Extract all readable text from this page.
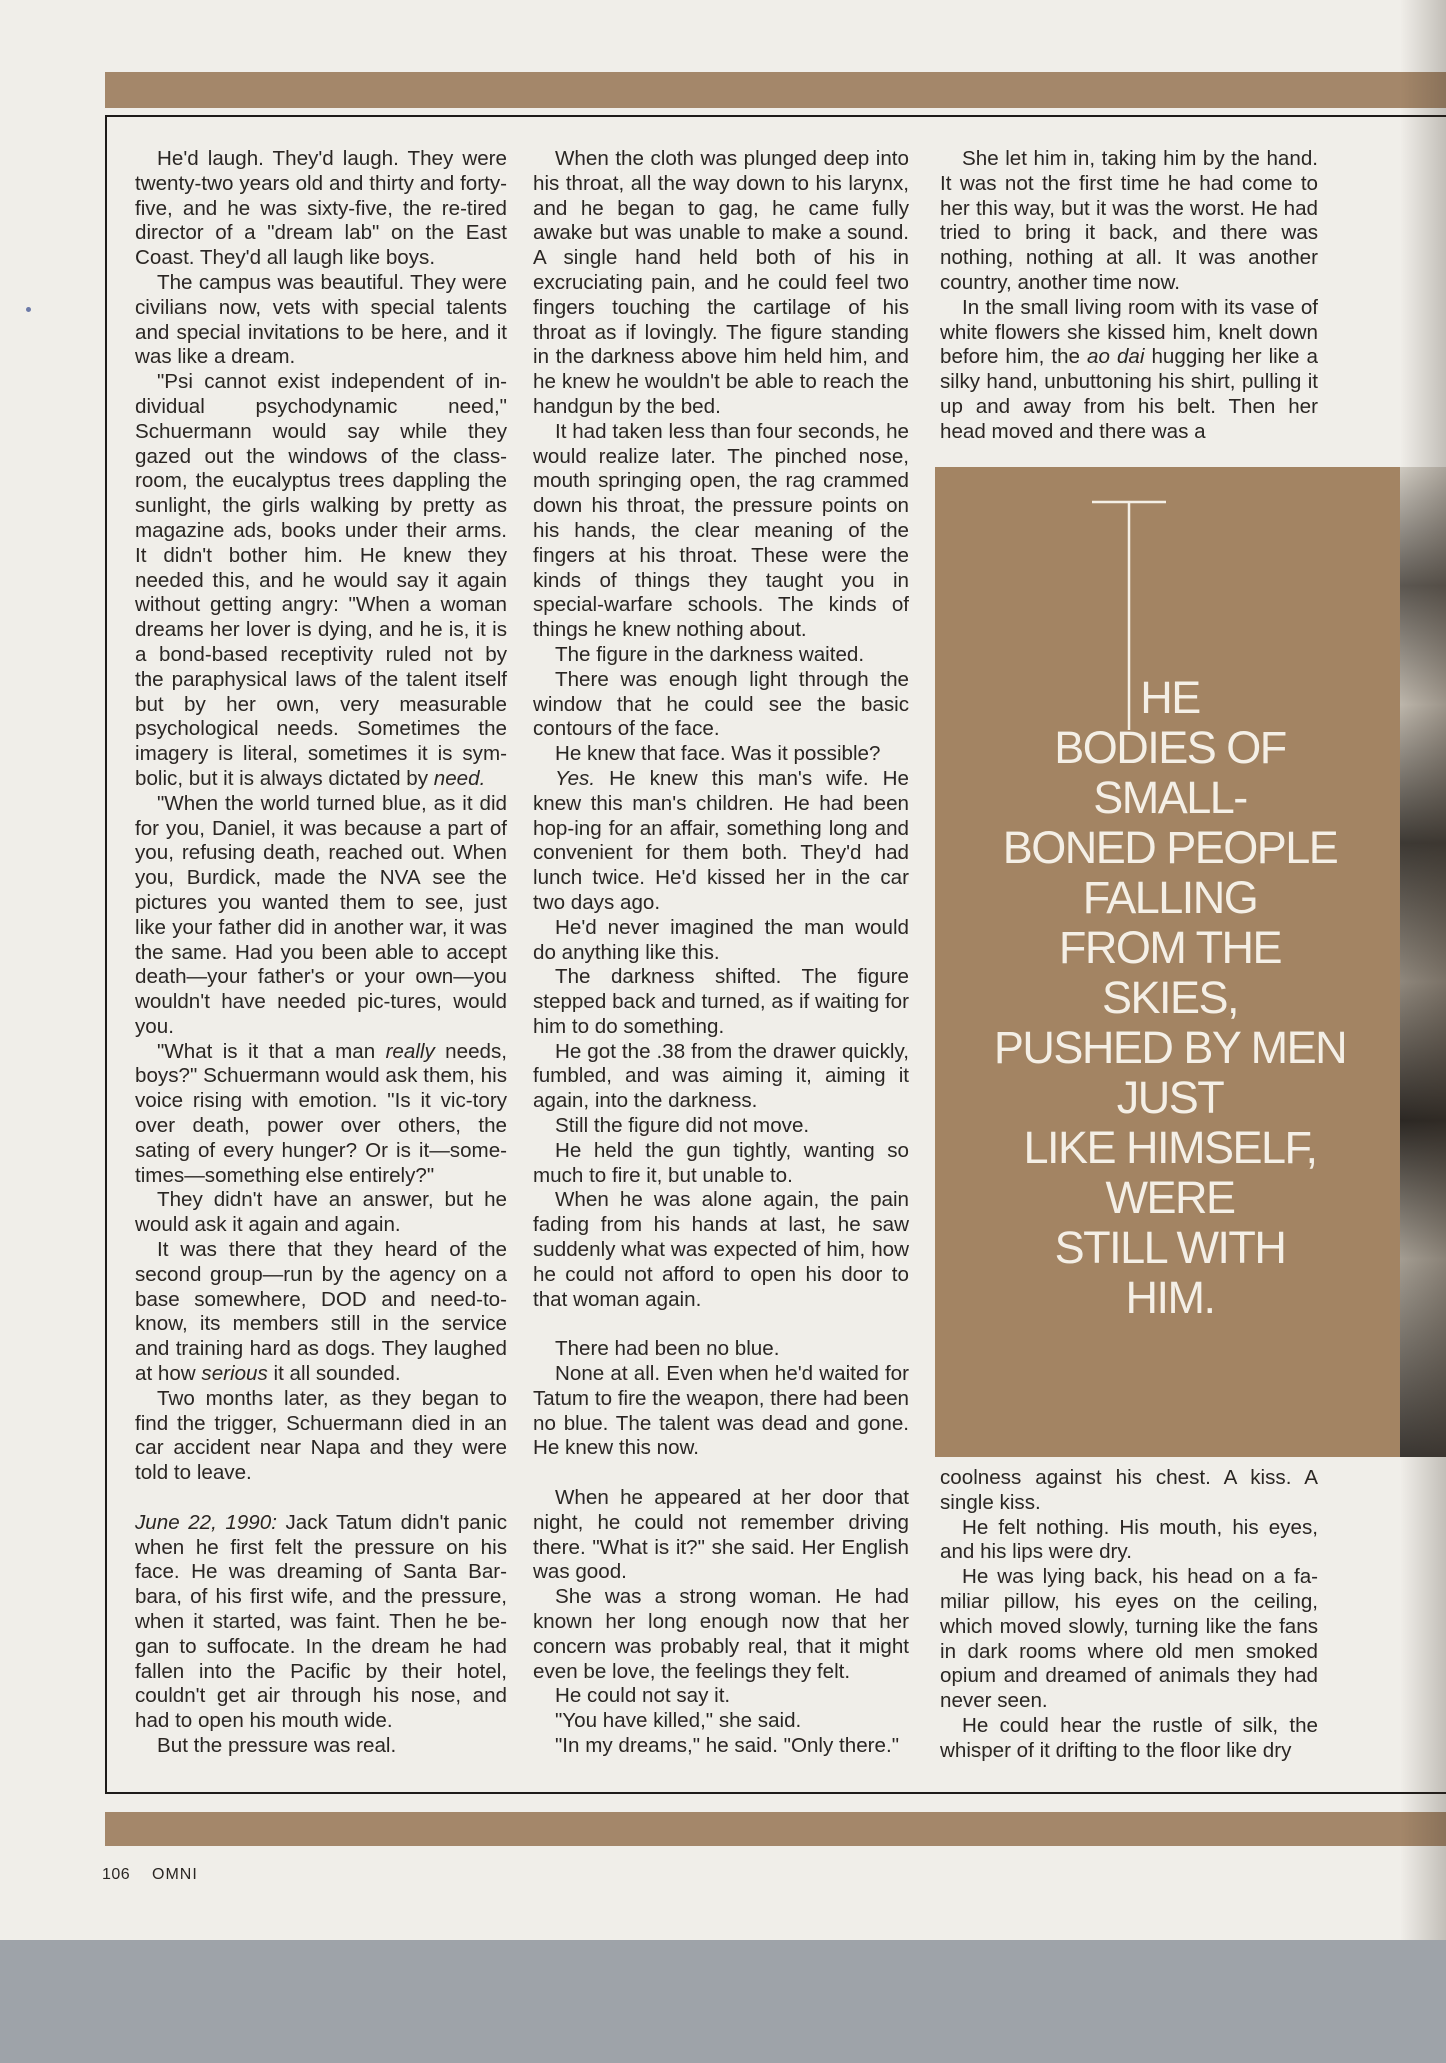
He'd laugh. They'd laugh. They were twenty-two years old and thirty and forty-five, and he was sixty-five, the re-tired director of a "dream lab" on the East Coast. They'd all laugh like boys.

The campus was beautiful. They were civilians now, vets with special talents and special invitations to be here, and it was like a dream.

"Psi cannot exist independent of in-dividual psychodynamic need," Schuermann would say while they gazed out the windows of the class-room, the eucalyptus trees dappling the sunlight, the girls walking by pretty as magazine ads, books under their arms. It didn't bother him. He knew they needed this, and he would say it again without getting angry: "When a woman dreams her lover is dying, and he is, it is a bond-based receptivity ruled not by the paraphysical laws of the talent itself but by her own, very measurable psychological needs. Sometimes the imagery is literal, sometimes it is sym-bolic, but it is always dictated by need.

"When the world turned blue, as it did for you, Daniel, it was because a part of you, refusing death, reached out. When you, Burdick, made the NVA see the pictures you wanted them to see, just like your father did in another war, it was the same. Had you been able to accept death—your father's or your own—you wouldn't have needed pic-tures, would you.

"What is it that a man really needs, boys?" Schuermann would ask them, his voice rising with emotion. "Is it vic-tory over death, power over others, the sating of every hunger? Or is it—some-times—something else entirely?"

They didn't have an answer, but he would ask it again and again.

It was there that they heard of the second group—run by the agency on a base somewhere, DOD and need-to-know, its members still in the service and training hard as dogs. They laughed at how serious it all sounded.

Two months later, as they began to find the trigger, Schuermann died in an car accident near Napa and they were told to leave.

June 22, 1990: Jack Tatum didn't panic when he first felt the pressure on his face. He was dreaming of Santa Bar-bara, of his first wife, and the pressure, when it started, was faint. Then he be-gan to suffocate. In the dream he had fallen into the Pacific by their hotel, couldn't get air through his nose, and had to open his mouth wide.

But the pressure was real.

When the cloth was plunged deep into his throat, all the way down to his larynx, and he began to gag, he came fully awake but was unable to make a sound. A single hand held both of his in excruciating pain, and he could feel two fingers touching the cartilage of his throat as if lovingly. The figure standing in the darkness above him held him, and he knew he wouldn't be able to reach the handgun by the bed.

It had taken less than four seconds, he would realize later. The pinched nose, mouth springing open, the rag crammed down his throat, the pressure points on his hands, the clear meaning of the fingers at his throat. These were the kinds of things they taught you in special-warfare schools. The kinds of things he knew nothing about.

The figure in the darkness waited.

There was enough light through the window that he could see the basic contours of the face.

He knew that face. Was it possible?

Yes. He knew this man's wife. He knew this man's children. He had been hop-ing for an affair, something long and convenient for them both. They'd had lunch twice. He'd kissed her in the car two days ago.

He'd never imagined the man would do anything like this.

The darkness shifted. The figure stepped back and turned, as if waiting for him to do something.

He got the .38 from the drawer quickly, fumbled, and was aiming it, aiming it again, into the darkness.

Still the figure did not move.

He held the gun tightly, wanting so much to fire it, but unable to.

When he was alone again, the pain fading from his hands at last, he saw suddenly what was expected of him, how he could not afford to open his door to that woman again.

There had been no blue.

None at all. Even when he'd waited for Tatum to fire the weapon, there had been no blue. The talent was dead and gone. He knew this now.

When he appeared at her door that night, he could not remember driving there. "What is it?" she said. Her English was good.

She was a strong woman. He had known her long enough now that her concern was probably real, that it might even be love, the feelings they felt.

He could not say it.

"You have killed," she said.

"In my dreams," he said. "Only there."

She let him in, taking him by the hand. It was not the first time he had come to her this way, but it was the worst. He had tried to bring it back, and there was nothing, nothing at all. It was another country, another time now.

In the small living room with its vase of white flowers she kissed him, knelt down before him, the ao dai hugging her like a silky hand, unbuttoning his shirt, pulling it up and away from his belt. Then her head moved and there was a

HE
BODIES OF
SMALL-
BONED PEOPLE
FALLING
FROM THE
SKIES,
PUSHED BY MEN
JUST
LIKE HIMSELF,
WERE
STILL WITH
HIM.

coolness against his chest. A kiss. A single kiss.

He felt nothing. His mouth, his eyes, and his lips were dry.

He was lying back, his head on a fa-miliar pillow, his eyes on the ceiling, which moved slowly, turning like the fans in dark rooms where old men smoked opium and dreamed of animals they had never seen.

He could hear the rustle of silk, the whisper of it drifting to the floor like dry

106 OMNI
